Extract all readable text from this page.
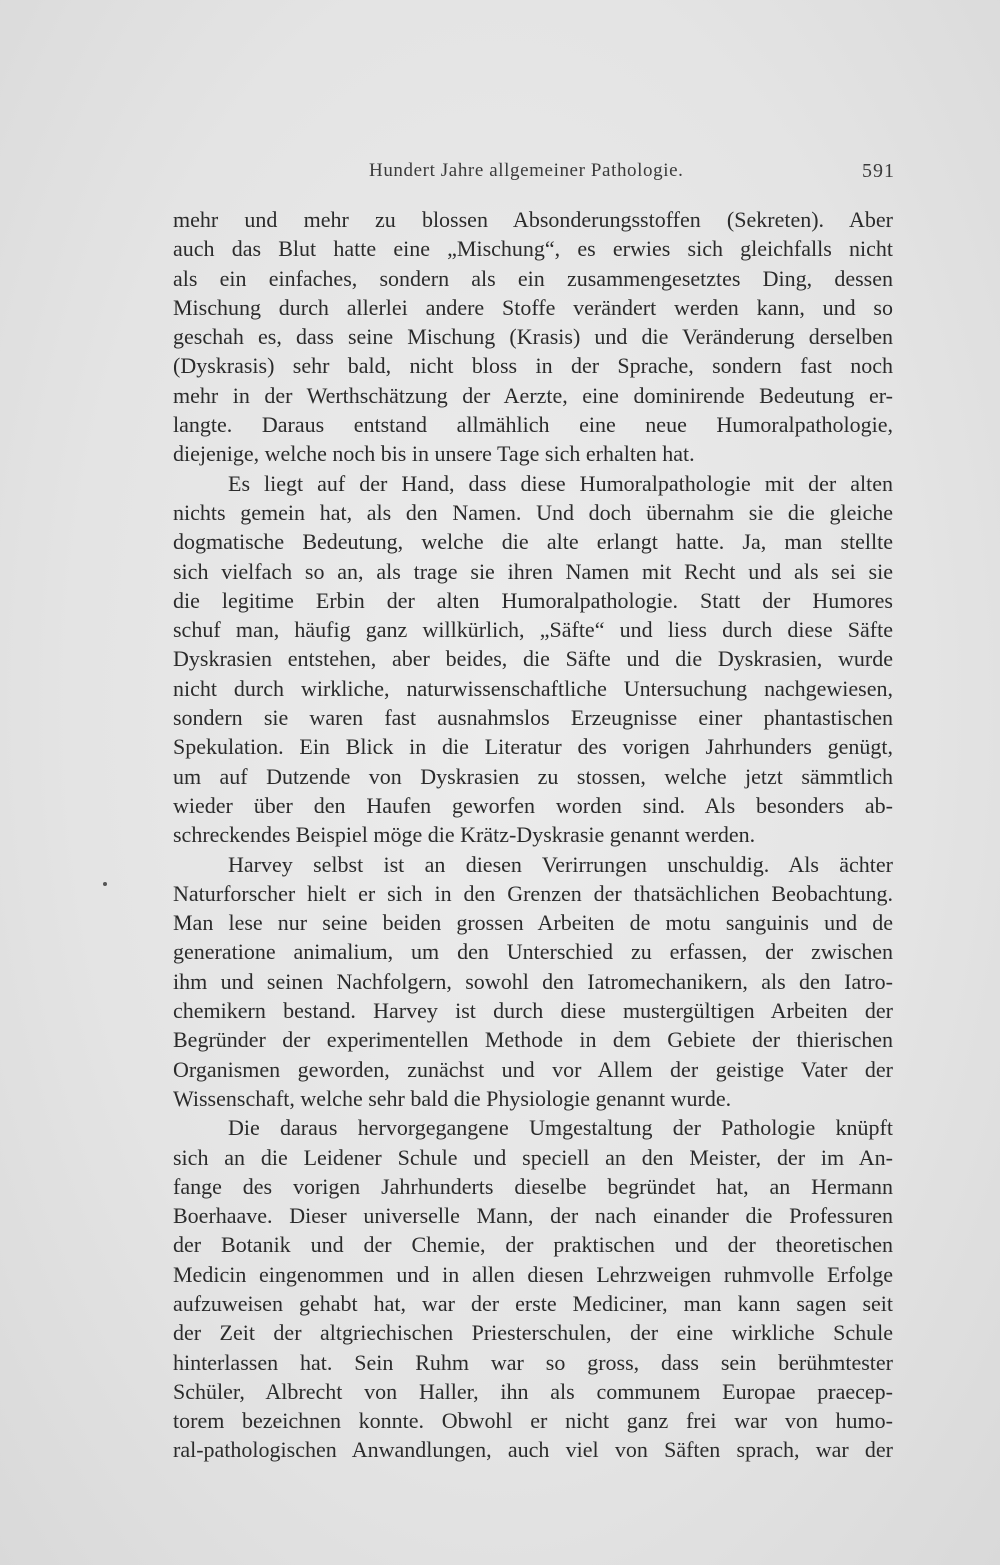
Hundert Jahre allgemeiner Pathologie.	591
mehr und mehr zu blossen Absonderungsstoffen (Sekreten). Aber
auch das Blut hatte eine „Mischung“, es erwies sich gleichfalls nicht
als ein einfaches, sondern als ein zusammengesetztes Ding, dessen
Mischung durch allerlei andere Stoffe verändert werden kann, und so
geschah es, dass seine Mischung (Krasis) und die Veränderung derselben
(Dyskrasis) sehr bald, nicht bloss in der Sprache, sondern fast noch
mehr in der Werthschätzung der Aerzte, eine dominirende Bedeutung er-
langte. Daraus entstand allmählich eine neue Humoralpathologie,
diejenige, welche noch bis in unsere Tage sich erhalten hat.
Es liegt auf der Hand, dass diese Humoralpathologie mit der alten
nichts gemein hat, als den Namen. Und doch übernahm sie die gleiche
dogmatische Bedeutung, welche die alte erlangt hatte. Ja, man stellte
sich vielfach so an, als trage sie ihren Namen mit Recht und als sei sie
die legitime Erbin der alten Humoralpathologie. Statt der Humores
schuf man, häufig ganz willkürlich, „Säfte“ und liess durch diese Säfte
Dyskrasien entstehen, aber beides, die Säfte und die Dyskrasien, wurde
nicht durch wirkliche, naturwissenschaftliche Untersuchung nachgewiesen,
sondern sie waren fast ausnahmslos Erzeugnisse einer phantastischen
Spekulation. Ein Blick in die Literatur des vorigen Jahrhunders genügt,
um auf Dutzende von Dyskrasien zu stossen, welche jetzt sämmtlich
wieder über den Haufen geworfen worden sind. Als besonders ab-
schreckendes Beispiel möge die Krätz-Dyskrasie genannt werden.
Harvey selbst ist an diesen Verirrungen unschuldig. Als ächter
Naturforscher hielt er sich in den Grenzen der thatsächlichen Beobachtung.
Man lese nur seine beiden grossen Arbeiten de motu sanguinis und de
generatione animalium, um den Unterschied zu erfassen, der zwischen
ihm und seinen Nachfolgern, sowohl den Iatromechanikern, als den Iatro-
chemikern bestand. Harvey ist durch diese mustergültigen Arbeiten der
Begründer der experimentellen Methode in dem Gebiete der thierischen
Organismen geworden, zunächst und vor Allem der geistige Vater der
Wissenschaft, welche sehr bald die Physiologie genannt wurde.
Die daraus hervorgegangene Umgestaltung der Pathologie knüpft
sich an die Leidener Schule und speciell an den Meister, der im An-
fange des vorigen Jahrhunderts dieselbe begründet hat, an Hermann
Boerhaave. Dieser universelle Mann, der nach einander die Professuren
der Botanik und der Chemie, der praktischen und der theoretischen
Medicin eingenommen und in allen diesen Lehrzweigen ruhmvolle Erfolge
aufzuweisen gehabt hat, war der erste Mediciner, man kann sagen seit
der Zeit der altgriechischen Priesterschulen, der eine wirkliche Schule
hinterlassen hat. Sein Ruhm war so gross, dass sein berühmtester
Schüler, Albrecht von Haller, ihn als communem Europae praecep-
torem bezeichnen konnte. Obwohl er nicht ganz frei war von humo-
ral-pathologischen Anwandlungen, auch viel von Säften sprach, war der
